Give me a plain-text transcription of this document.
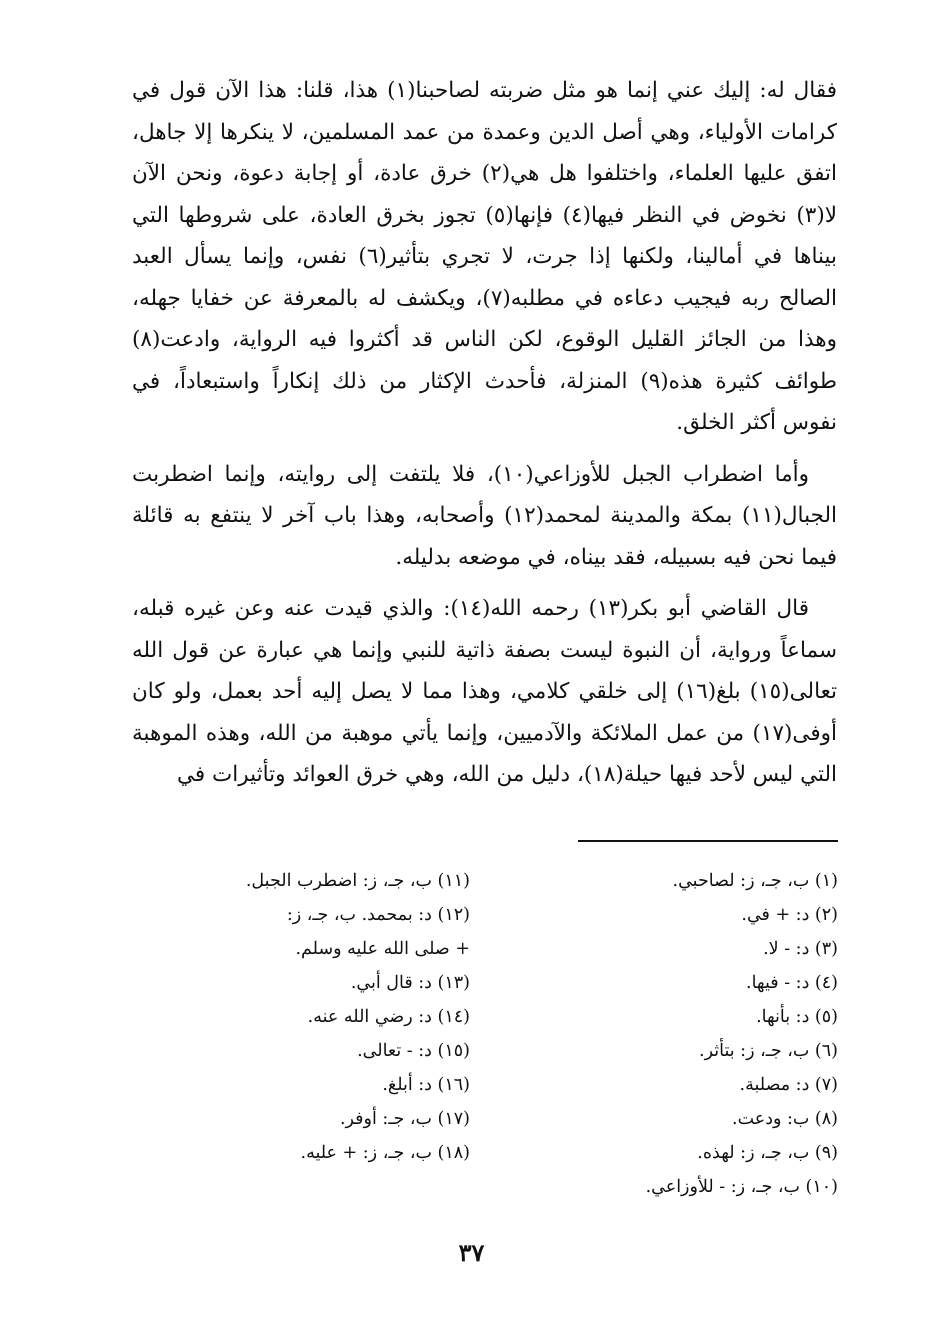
فقال له: إليك عني إنما هو مثل ضربته لصاحبنا(١) هذا، قلنا: هذا الآن قول في كرامات الأولياء، وهي أصل الدين وعمدة من عمد المسلمين، لا ينكرها إلا جاهل، اتفق عليها العلماء، واختلفوا هل هي(٢) خرق عادة، أو إجابة دعوة، ونحن الآن لا(٣) نخوض في النظر فيها(٤) فإنها(٥) تجوز بخرق العادة، على شروطها التي بيناها في أمالينا، ولكنها إذا جرت، لا تجري بتأثير(٦) نفس، وإنما يسأل العبد الصالح ربه فيجيب دعاءه في مطلبه(٧)، ويكشف له بالمعرفة عن خفايا جهله، وهذا من الجائز القليل الوقوع، لكن الناس قد أكثروا فيه الرواية، وادعت(٨) طوائف كثيرة هذه(٩) المنزلة، فأحدث الإكثار من ذلك إنكاراً واستبعاداً، في نفوس أكثر الخلق.

وأما اضطراب الجبل للأوزاعي(١٠)، فلا يلتفت إلى روايته، وإنما اضطربت الجبال(١١) بمكة والمدينة لمحمد(١٢) وأصحابه، وهذا باب آخر لا ينتفع به قائلة فيما نحن فيه بسبيله، فقد بيناه، في موضعه بدليله.

قال القاضي أبو بكر(١٣) رحمه الله(١٤): والذي قيدت عنه وعن غيره قبله، سماعاً ورواية، أن النبوة ليست بصفة ذاتية للنبي وإنما هي عبارة عن قول الله تعالى(١٥) بلغ(١٦) إلى خلقي كلامي، وهذا مما لا يصل إليه أحد بعمل، ولو كان أوفى(١٧) من عمل الملائكة والآدميين، وإنما يأتي موهبة من الله، وهذه الموهبة التي ليس لأحد فيها حيلة(١٨)، دليل من الله، وهي خرق العوائد وتأثيرات في

(١) ب، جـ، ز: لصاحبي.
(٢) د: + في.
(٣) د: - لا.
(٤) د: - فيها.
(٥) د: بأنها.
(٦) ب، جـ، ز: بتأثر.
(٧) د: مصلبة.
(٨) ب: ودعت.
(٩) ب، جـ، ز: لهذه.
(١٠) ب، جـ، ز: - للأوزاعي.
(١١) ب، جـ، ز: اضطرب الجبل.
(١٢) د: بمحمد. ب، جـ، ز:
+ صلى الله عليه وسلم.
(١٣) د: قال أبي.
(١٤) د: رضي الله عنه.
(١٥) د: - تعالى.
(١٦) د: أبلغ.
(١٧) ب، جـ: أوفر.
(١٨) ب، جـ، ز: + عليه.
٣٧
